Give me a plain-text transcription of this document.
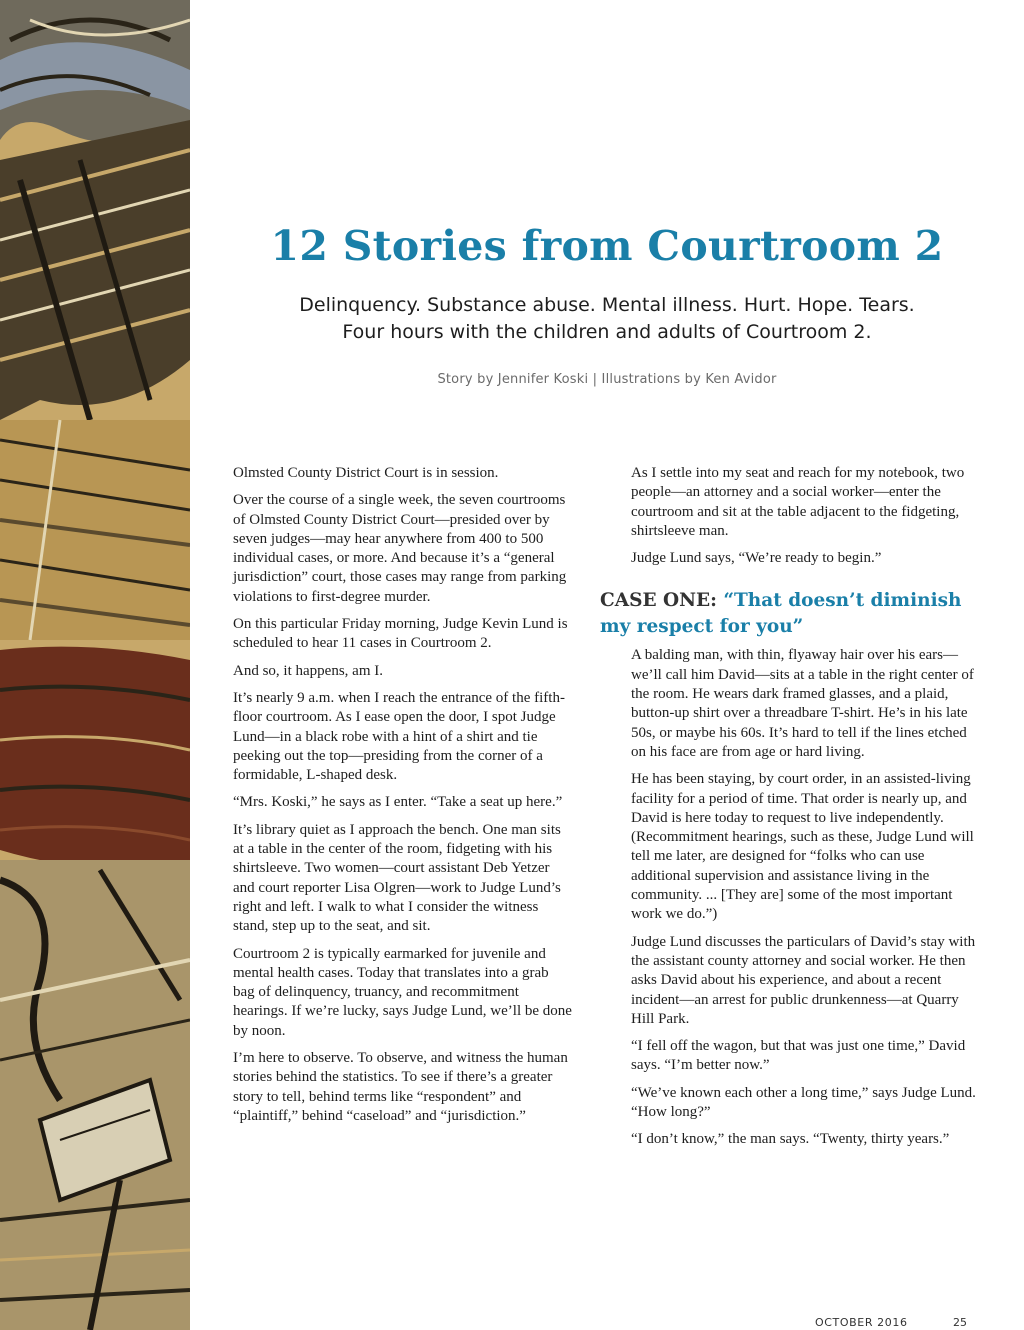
12 Stories from Courtroom 2

Delinquency. Substance abuse. Mental illness. Hurt. Hope. Tears.
Four hours with the children and adults of Courtroom 2.

Story by Jennifer Koski | Illustrations by Ken Avidor

Olmsted County District Court is in session.

Over the course of a single week, the seven courtrooms of Olmsted County District Court—presided over by seven judges—may hear anywhere from 400 to 500 individual cases, or more. And because it’s a “general jurisdiction” court, those cases may range from parking violations to first-degree murder.

On this particular Friday morning, Judge Kevin Lund is scheduled to hear 11 cases in Courtroom 2.

And so, it happens, am I.

It’s nearly 9 a.m. when I reach the entrance of the fifth-floor courtroom. As I ease open the door, I spot Judge Lund—in a black robe with a hint of a shirt and tie peeking out the top—presiding from the corner of a formidable, L-shaped desk.

“Mrs. Koski,” he says as I enter. “Take a seat up here.”

It’s library quiet as I approach the bench. One man sits at a table in the center of the room, fidgeting with his shirtsleeve. Two women—court assistant Deb Yetzer and court reporter Lisa Olgren—work to Judge Lund’s right and left. I walk to what I consider the witness stand, step up to the seat, and sit.

Courtroom 2 is typically earmarked for juvenile and mental health cases. Today that translates into a grab bag of delinquency, truancy, and recommitment hearings. If we’re lucky, says Judge Lund, we’ll be done by noon.

I’m here to observe. To observe, and witness the human stories behind the statistics. To see if there’s a greater story to tell, behind terms like “respondent” and “plaintiff,” behind “caseload” and “jurisdiction.”

As I settle into my seat and reach for my notebook, two people—an attorney and a social worker—enter the courtroom and sit at the table adjacent to the fidgeting, shirtsleeve man.

Judge Lund says, “We’re ready to begin.”

CASE ONE: “That doesn’t diminish my respect for you”

A balding man, with thin, flyaway hair over his ears—we’ll call him David—sits at a table in the right center of the room. He wears dark framed glasses, and a plaid, button-up shirt over a threadbare T-shirt. He’s in his late 50s, or maybe his 60s. It’s hard to tell if the lines etched on his face are from age or hard living.

He has been staying, by court order, in an assisted-living facility for a period of time. That order is nearly up, and David is here today to request to live independently. (Recommitment hearings, such as these, Judge Lund will tell me later, are designed for “folks who can use additional supervision and assistance living in the community. ... [They are] some of the most important work we do.”)

Judge Lund discusses the particulars of David’s stay with the assistant county attorney and social worker. He then asks David about his experience, and about a recent incident—an arrest for public drunkenness—at Quarry Hill Park.

“I fell off the wagon, but that was just one time,” David says. “I’m better now.”

“We’ve known each other a long time,” says Judge Lund. “How long?”

“I don’t know,” the man says. “Twenty, thirty years.”

OCTOBER 2016	25
